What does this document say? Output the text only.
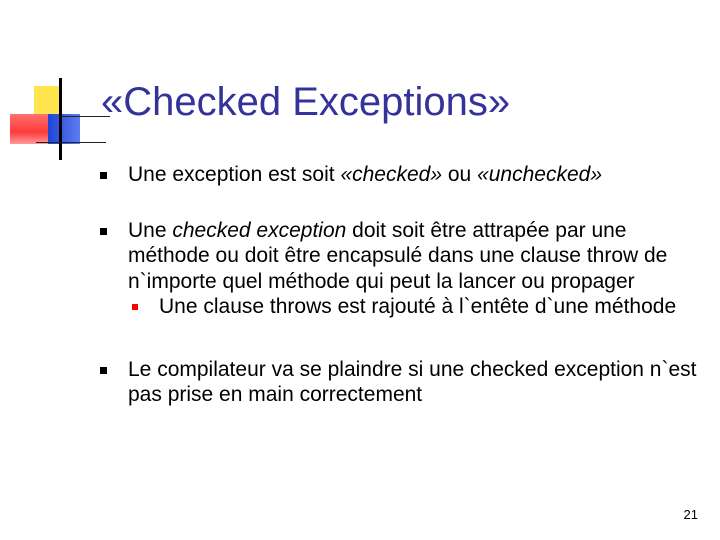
«Checked Exceptions»
Une exception est soit «checked» ou «unchecked»
Une checked exception doit soit être attrapée par une méthode ou doit être encapsulé dans une clause throw de n`importe quel méthode qui peut la lancer ou propager
Une clause throws est rajouté à l`entête d`une méthode
Le compilateur va se plaindre si une checked exception n`est pas prise en main correctement
21
